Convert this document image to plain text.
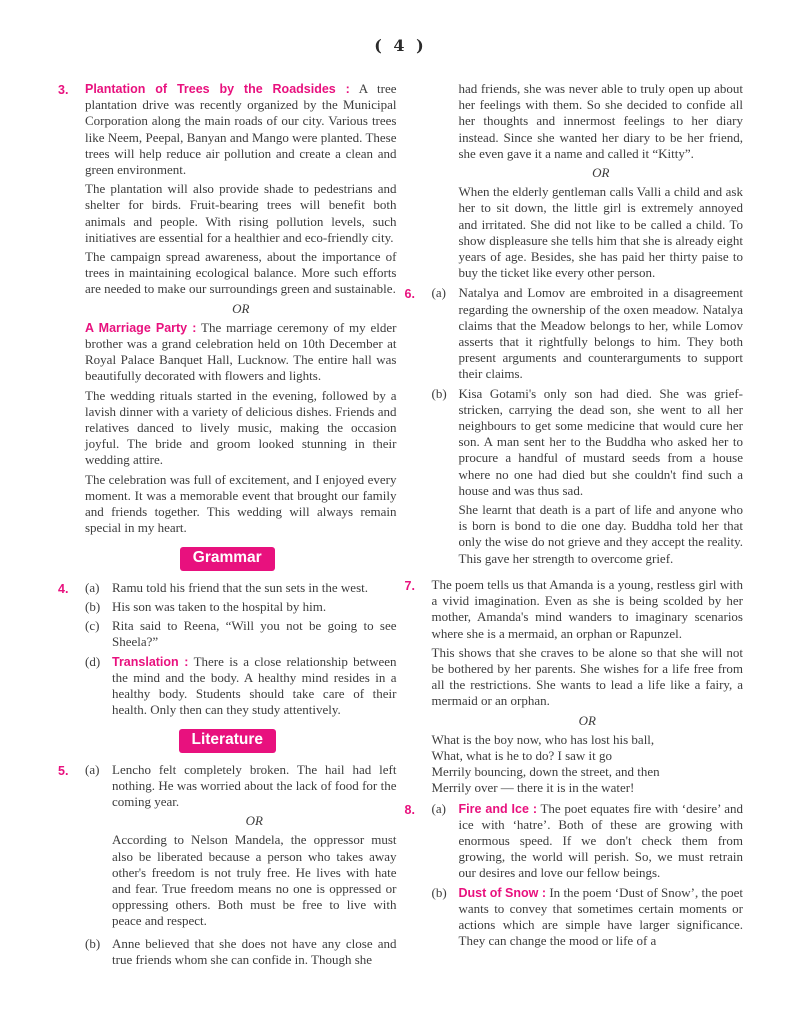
( 4 )
3.	Plantation of Trees by the Roadsides : A tree plantation drive was recently organized by the Municipal Corporation along the main roads of our city. Various trees like Neem, Peepal, Banyan and Mango were planted. These trees will help reduce air pollution and create a clean and green environment.

The plantation will also provide shade to pedestrians and shelter for birds. Fruit-bearing trees will benefit both animals and people. With rising pollution levels, such initiatives are essential for a healthier and eco-friendly city.

The campaign spread awareness, about the importance of trees in maintaining ecological balance. More such efforts are needed to make our surroundings green and sustainable.

OR

A Marriage Party : The marriage ceremony of my elder brother was a grand celebration held on 10th December at Royal Palace Banquet Hall, Lucknow. The entire hall was beautifully decorated with flowers and lights.

The wedding rituals started in the evening, followed by a lavish dinner with a variety of delicious dishes. Friends and relatives danced to lively music, making the occasion joyful. The bride and groom looked stunning in their wedding attire.

The celebration was full of excitement, and I enjoyed every moment. It was a memorable event that brought our family and friends together. This wedding will always remain special in my heart.

Grammar
4.	(a) Ramu told his friend that the sun sets in the west.
(b) His son was taken to the hospital by him.
(c) Rita said to Reena, “Will you not be going to see Sheela?”
(d) Translation : There is a close relationship between the mind and the body. A healthy mind resides in a healthy body. Students should take care of their health. Only then can they study attentively.
Literature
5.	(a) Lencho felt completely broken. The hail had left nothing. He was worried about the lack of food for the coming year.

OR

According to Nelson Mandela, the oppressor must also be liberated because a person who takes away other's freedom is not truly free. He lives with hate and fear. True freedom means no one is oppressed or oppressing others. Both must be free to live with peace and respect.

(b) Anne believed that she does not have any close and true friends whom she can confide in. Though she

had friends, she was never able to truly open up about her feelings with them. So she decided to confide all her thoughts and innermost feelings to her diary instead. Since she wanted her diary to be her friend, she even gave it a name and called it “Kitty”.

OR

When the elderly gentleman calls Valli a child and ask her to sit down, the little girl is extremely annoyed and irritated. She did not like to be called a child. To show displeasure she tells him that she is already eight years of age. Besides, she has paid her thirty paise to buy the ticket like every other person.

6.	(a) Natalya and Lomov are embroited in a disagreement regarding the ownership of the oxen meadow. Natalya claims that the Meadow belongs to her, while Lomov asserts that it rightfully belongs to him. They both present arguments and counterarguments to support their claims.
(b) Kisa Gotami's only son had died. She was grief-stricken, carrying the dead son, she went to all her neighbours to get some medicine that would cure her son. A man sent her to the Buddha who asked her to procure a handful of mustard seeds from a house where no one had died but she couldn't find such a house and was thus sad.

She learnt that death is a part of life and anyone who is born is bond to die one day. Buddha told her that only the wise do not grieve and they accept the reality. This gave her strength to overcome grief.

7.	The poem tells us that Amanda is a young, restless girl with a vivid imagination. Even as she is being scolded by her mother, Amanda's mind wanders to imaginary scenarios where she is a mermaid, an orphan or Rapunzel.

This shows that she craves to be alone so that she will not be bothered by her parents. She wishes for a life free from all the restrictions. She wants to lead a life like a fairy, a mermaid or an orphan.

OR

What is the boy now, who has lost his ball,
What, what is he to do? I saw it go
Merrily bouncing, down the street, and then
Merrily over — there it is in the water!
8.	(a)	Fire and Ice : The poet equates fire with ‘desire’ and ice with ‘hatre’. Both of these are growing with enormous speed. If we don't check them from growing, the world will perish. So, we must retrain our desires and love our fellow beings.
(b) Dust of Snow : In the poem ‘Dust of Snow’, the poet wants to convey that sometimes certain moments or actions which are simple have larger significance. They can change the mood or life of a
